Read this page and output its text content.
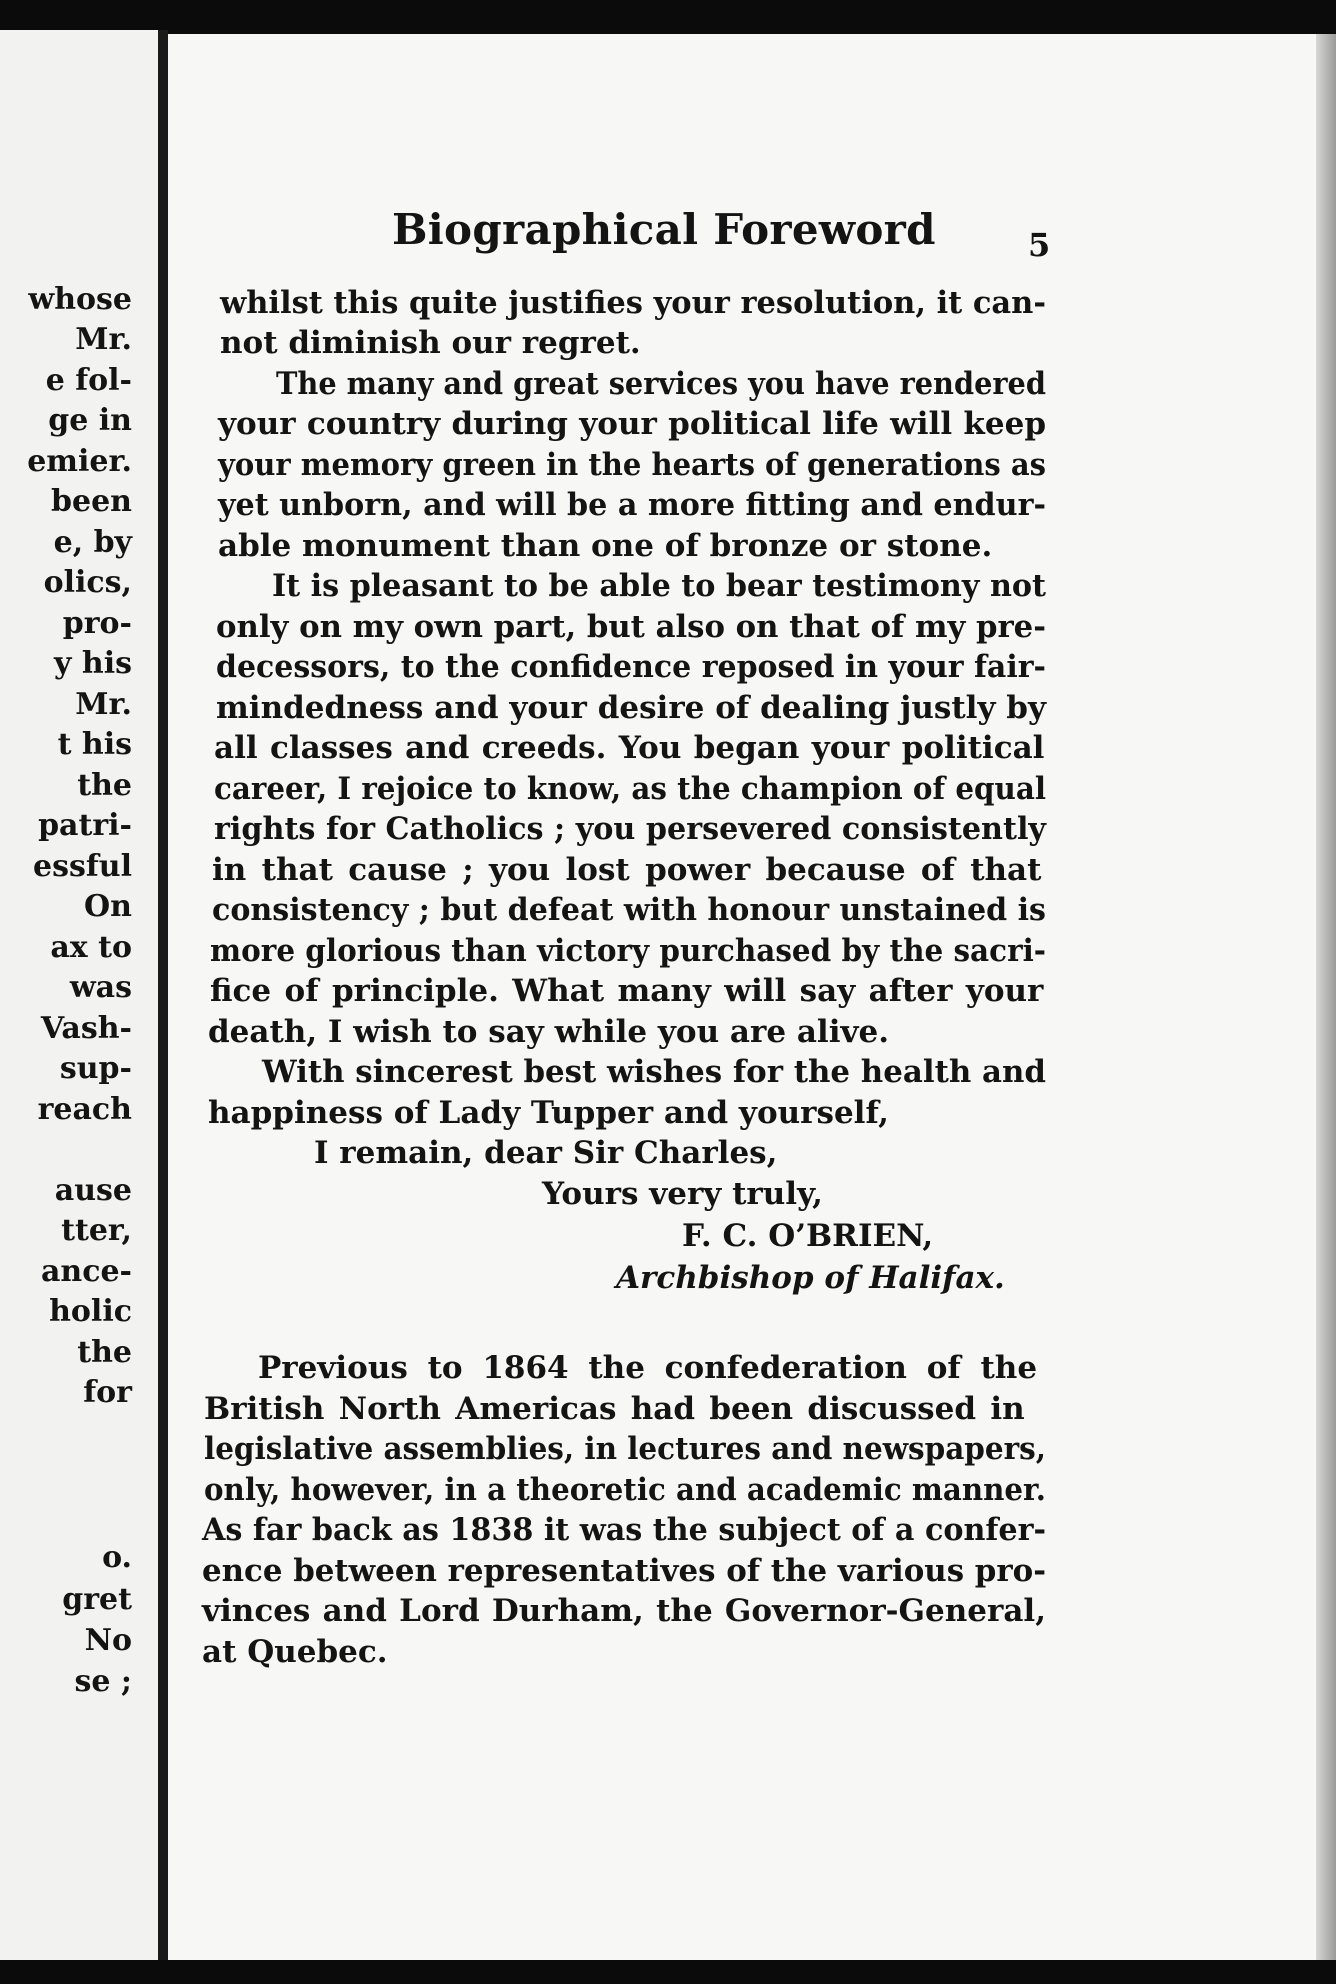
whose
Mr.
e fol-
ge in
emier.
been
e, by
olics,
pro-
y his
Mr.
t his
the
patri-
essful
On
ax to
was
Vash-
sup-
reach
ause
tter,
ance-
holic
the
for
o.
gret
No
se ;
Biographical Foreword	5
whilst this quite justifies your resolution, it can-
not diminish our regret.
The many and great services you have rendered
your country during your political life will keep
your memory green in the hearts of generations as
yet unborn, and will be a more fitting and endur-
able monument than one of bronze or stone.
It is pleasant to be able to bear testimony not
only on my own part, but also on that of my pre-
decessors, to the confidence reposed in your fair-
mindedness and your desire of dealing justly by
all classes and creeds. You began your political
career, I rejoice to know, as the champion of equal
rights for Catholics ; you persevered consistently
in that cause ; you lost power because of that
consistency ; but defeat with honour unstained is
more glorious than victory purchased by the sacri-
fice of principle. What many will say after your
death, I wish to say while you are alive.
With sincerest best wishes for the health and
happiness of Lady Tupper and yourself,
I remain, dear Sir Charles,
Yours very truly,
F. C. O’BRIEN,
Archbishop of Halifax.
Previous to 1864 the confederation of the
British North Americas had been discussed in
legislative assemblies, in lectures and newspapers,
only, however, in a theoretic and academic manner.
As far back as 1838 it was the subject of a confer-
ence between representatives of the various pro-
vinces and Lord Durham, the Governor-General,
at Quebec.
